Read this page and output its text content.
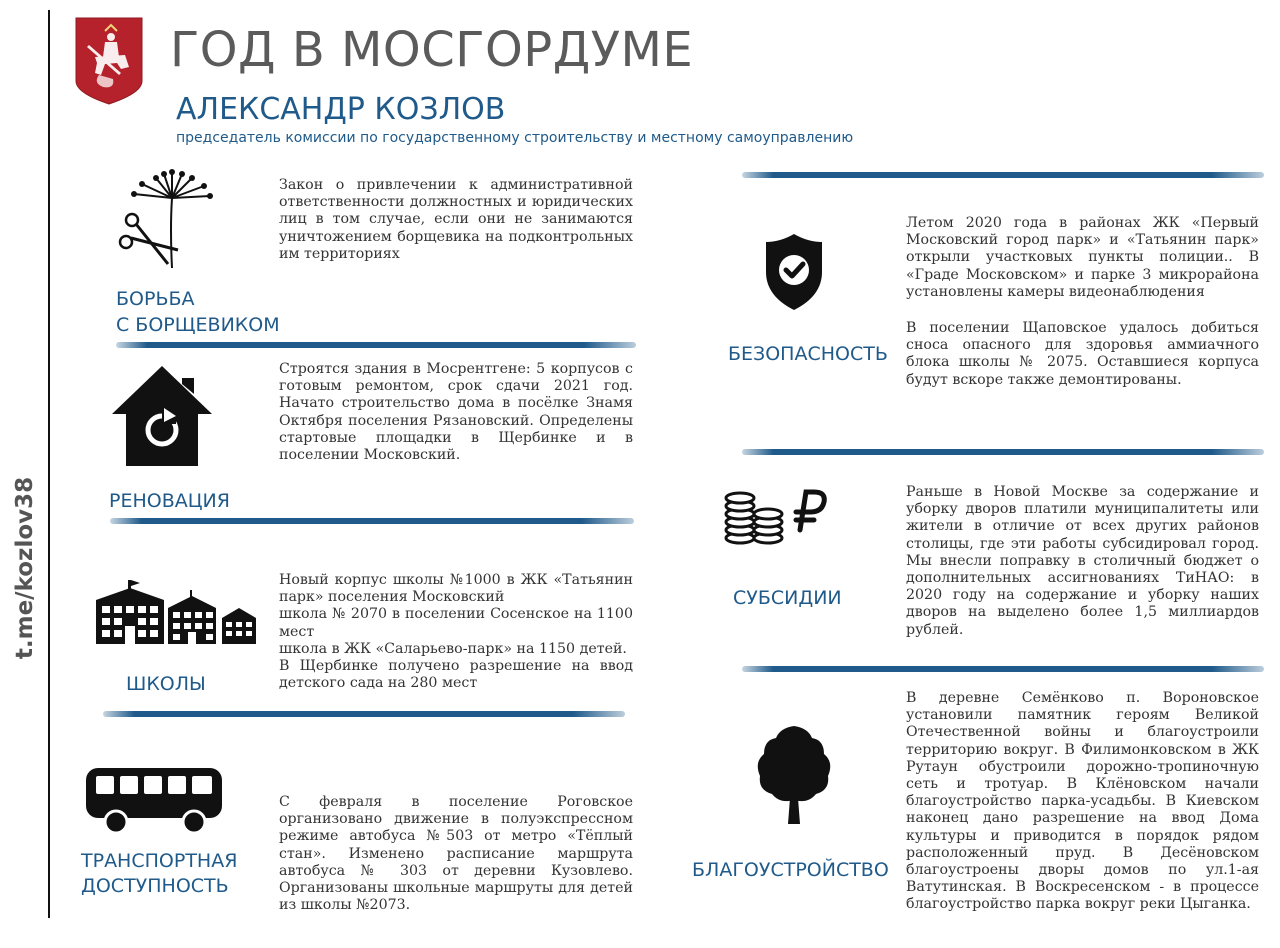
t.me/kozlov38
ГОД В МОСГОРДУМЕ
АЛЕКСАНДР КОЗЛОВ
председатель комиссии по государственному строительству и местному самоуправлению
Закон о привлечении к административной ответственности должностных и юридических лиц в том случае, если они не занимаются уничтожением борщевика на подконтрольных им территориях
БОРЬБА
С БОРЩЕВИКОМ
Строятся здания в Мосрентгене: 5 корпусов с готовым ремонтом, срок сдачи 2021 год. Начато строительство дома в посёлке Знамя Октября поселения Рязановский. Определены стартовые площадки в Щербинке и в поселении Московский.
РЕНОВАЦИЯ

Новый корпус школы №1000 в ЖК «Татьянин парк» поселения Московский

школа № 2070 в поселении Сосенское на 1100 мест

школа в ЖК «Саларьево-парк» на 1150 детей.

В Щербинке получено разрешение на ввод детского сада на 280 мест

ШКОЛЫ
С февраля в поселение Роговское организовано движение в полуэкспрессном режиме автобуса №503 от метро «Тёплый стан». Изменено расписание маршрута автобуса № 303 от деревни Кузовлево. Организованы школьные маршруты для детей из школы №2073.
ТРАНСПОРТНАЯ
ДОСТУПНОСТЬ
Летом 2020 года в районах ЖК «Первый Московский город парк» и «Татьянин парк» открыли участковых пункты полиции.. В «Граде Московском» и парке 3 микрорайона установлены камеры видеонаблюдения
В поселении Щаповское удалось добиться сноса опасного для здоровья аммиачного блока школы № 2075. Оставшиеся корпуса будут вскоре также демонтированы.
БЕЗОПАСНОСТЬ
Раньше в Новой Москве за содержание и уборку дворов платили муниципалитеты или жители в отличие от всех других районов столицы, где эти работы субсидировал город. Мы внесли поправку в столичный бюджет о дополнительных ассигнованиях ТиНАО: в 2020 году на содержание и уборку наших дворов на выделено более 1,5 миллиардов рублей.
СУБСИДИИ
В деревне Семёнково п. Вороновское установили памятник героям Великой Отечественной войны и благоустроили территорию вокруг. В Филимонковском в ЖК Рутаун обустроили дорожно-тропиночную сеть и тротуар. В Клёновском начали благоустройство парка-усадьбы. В Киевском наконец дано разрешение на ввод Дома культуры и приводится в порядок рядом расположенный пруд. В Десёновском благоустроены дворы домов по ул.1-ая Ватутинская. В Воскресенском - в процессе благоустройство парка вокруг реки Цыганка.
БЛАГОУСТРОЙСТВО
